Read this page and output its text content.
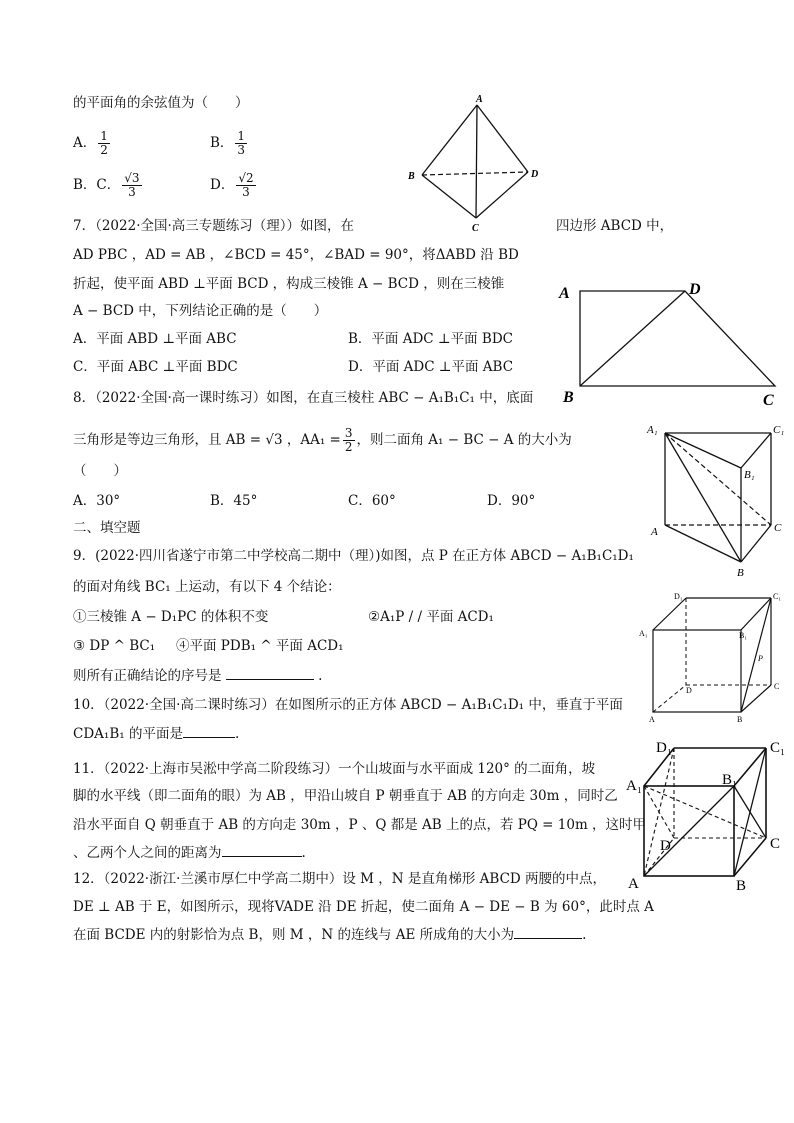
的平面角的余弦值为（　　）
A． $\frac{1}{2}$	B． $\frac{1}{3}$
B．C． $\frac{√3}{3}$	D． $\frac{√2}{3}$
A
B	D
C
7．（2022·全国·高三专题练习（理））如图，在	四边形 ABCD 中，
AD PBC ，AD = AB ，∠BCD = 45°，∠BAD = 90°，将ΔABD 沿 BD
折起，使平面 ABD ⊥平面 BCD ，构成三棱锥 A − BCD ，则在三棱锥
A − BCD 中，下列结论正确的是（　　）
A．平面 ABD ⊥平面 ABC	B．平面 ADC ⊥平面 BDC
C．平面 ABC ⊥平面 BDC	D．平面 ADC ⊥平面 ABC
A	D
B	C
8．（2022·全国·高一课时练习）如图，在直三棱柱 ABC − A₁B₁C₁ 中，底面
三角形是等边三角形，且 AB = √3 ，$AA_1 = \frac{3}{2}$ ，则二面角 A₁ − BC − A 的大小为
（　　）
A．30°	B．45°	C．60°	D．90°
A₁	C₁
B₁
A	C
B
二、填空题
9．(2022·四川省遂宁市第二中学校高二期中（理）)如图，点 P 在正方体 ABCD − A₁B₁C₁D₁
的面对角线 BC₁ 上运动，有以下 4 个结论：
①三棱锥 A − D₁PC 的体积不变	②A₁P / / 平面 ACD₁
③ DP ^ BC₁ ④平面 PDB₁ ^ 平面 ACD₁
则所有正确结论的序号是	.
D₁	C₁
A₁	B₁
P
D	C
A	B
10．（2022·全国·高二课时练习）在如图所示的正方体 ABCD − A₁B₁C₁D₁ 中，垂直于平面
CDA₁B₁ 的平面是	.
D₁	C₁
A₁	B₁
D	C
A	B
11．（2022·上海市吴淞中学高二阶段练习）一个山坡面与水平面成 120° 的二面角，坡
脚的水平线（即二面角的眼）为 AB ，甲沿山坡自 P 朝垂直于 AB 的方向走 30m ，同时乙
沿水平面自 Q 朝垂直于 AB 的方向走 30m ，P 、Q 都是 AB 上的点，若 PQ = 10m ，这时甲
、乙两个人之间的距离为	.
12．（2022·浙江·兰溪市厚仁中学高二期中）设 M ，N 是直角梯形 ABCD 两腰的中点，
DE ⊥ AB 于 E，如图所示，现将VADE 沿 DE 折起，使二面角 A − DE − B 为 60°，此时点 A
在面 BCDE 内的射影恰为点 B，则 M ，N 的连线与 AE 所成角的大小为	.
